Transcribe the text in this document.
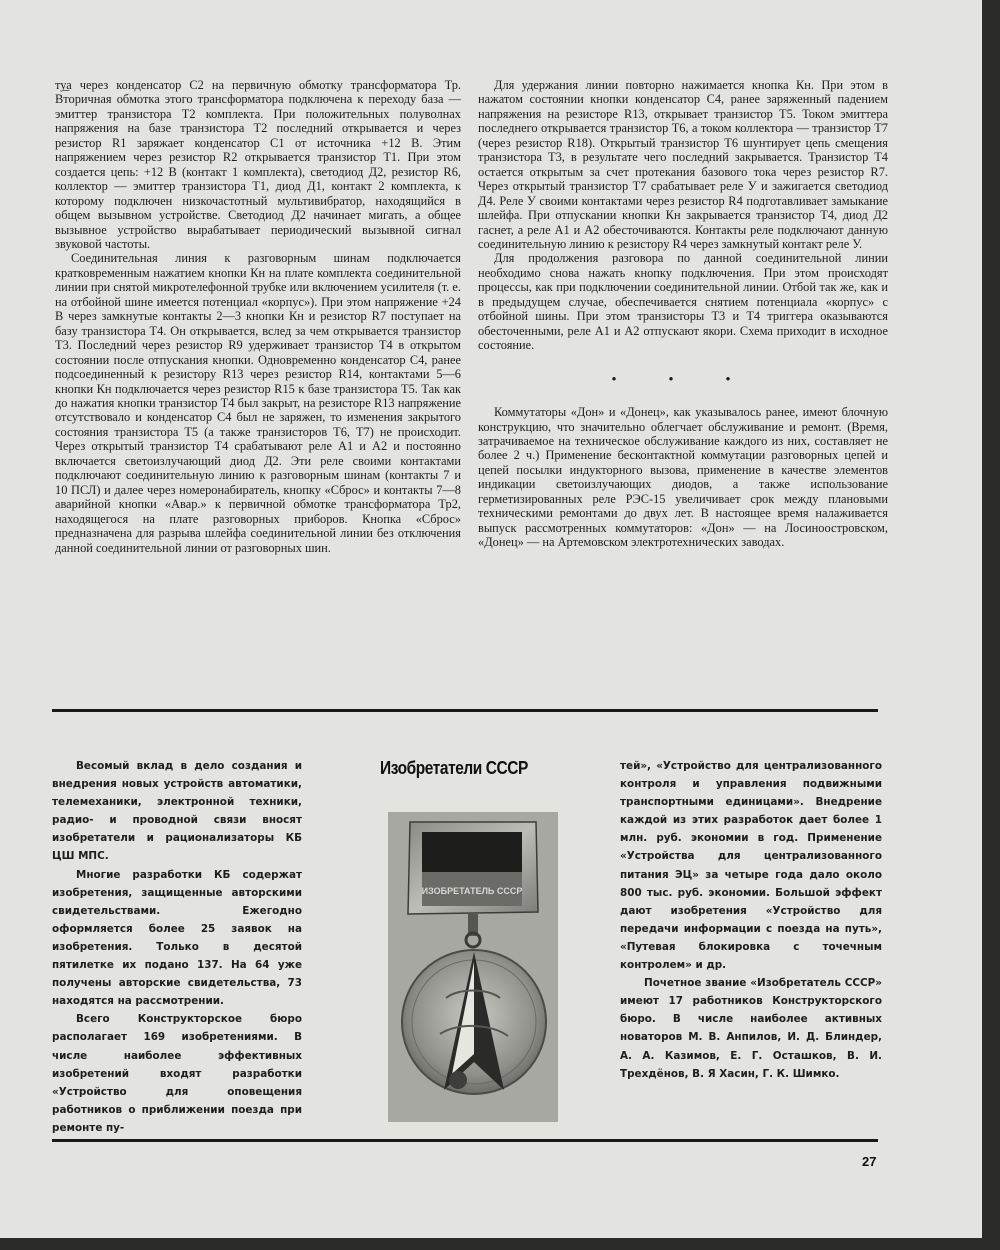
ту̲а через конденсатор С2 на первичную обмотку трансформатора Тр. Вторичная обмотка этого трансформатора подключена к переходу база — эмиттер транзистора Т2 комплекта. При положительных полуволнах напряжения на базе транзистора Т2 последний открывается и через резистор R1 заряжает конденсатор С1 от источника +12 В. Этим напряжением через резистор R2 открывается транзистор Т1. При этом создается цепь: +12 В (контакт 1 комплекта), светодиод Д2, резистор R6, коллектор — эмиттер транзистора Т1, диод Д1, контакт 2 комплекта, к которому подключен низкочастотный мультивибратор, находящийся в общем вызывном устройстве. Светодиод Д2 начинает мигать, а общее вызывное устройство вырабатывает периодический вызывной сигнал звуковой частоты.

Соединительная линия к разговорным шинам подключается кратковременным нажатием кнопки Кн на плате комплекта соединительной линии при снятой микротелефонной трубке или включением усилителя (т. е. на отбойной шине имеется потенциал «корпус»). При этом напряжение +24 В через замкнутые контакты 2—3 кнопки Кн и резистор R7 поступает на базу транзистора Т4. Он открывается, вслед за чем открывается транзистор Т3. Последний через резистор R9 удерживает транзистор Т4 в открытом состоянии после отпускания кнопки. Одновременно конденсатор С4, ранее подсоединенный к резистору R13 через резистор R14, контактами 5—6 кнопки Кн подключается через резистор R15 к базе транзистора Т5. Так как до нажатия кнопки транзистор Т4 был закрыт, на резисторе R13 напряжение отсутствовало и конденсатор С4 был не заряжен, то изменения закрытого состояния транзистора Т5 (а также транзисторов Т6, Т7) не происходит. Через открытый транзистор Т4 срабатывают реле А1 и А2 и постоянно включается светоизлучающий диод Д2. Эти реле своими контактами подключают соединительную линию к разговорным шинам (контакты 7 и 10 ПСЛ) и далее через номеронабиратель, кнопку «Сброс» и контакты 7—8 аварийной кнопки «Авар.» к первичной обмотке трансформатора Тр2, находящегося на плате разговорных приборов. Кнопка «Сброс» предназначена для разрыва шлейфа соединительной линии без отключения данной соединительной линии от разговорных шин.

Для удержания линии повторно нажимается кнопка Кн. При этом в нажатом состоянии кнопки конденсатор С4, ранее заряженный падением напряжения на резисторе R13, открывает транзистор Т5. Током эмиттера последнего открывается транзистор Т6, а током коллектора — транзистор Т7 (через резистор R18). Открытый транзистор Т6 шунтирует цепь смещения транзистора Т3, в результате чего последний закрывается. Транзистор Т4 остается открытым за счет протекания базового тока через резистор R7. Через открытый транзистор Т7 срабатывает реле У и зажигается светодиод Д4. Реле У своими контактами через резистор R4 подготавливает замыкание шлейфа. При отпускании кнопки Кн закрывается транзистор Т4, диод Д2 гаснет, а реле А1 и А2 обесточиваются. Контакты реле подключают данную соединительную линию к резистору R4 через замкнутый контакт реле У.

Для продолжения разговора по данной соединительной линии необходимо снова нажать кнопку подключения. При этом происходят процессы, как при подключении соединительной линии. Отбой так же, как и в предыдущем случае, обеспечивается снятием потенциала «корпус» с отбойной шины. При этом транзисторы Т3 и Т4 триггера оказываются обесточенными, реле А1 и А2 отпускают якори. Схема приходит в исходное состояние.

• • •

Коммутаторы «Дон» и «Донец», как указывалось ранее, имеют блочную конструкцию, что значительно облегчает обслуживание и ремонт. (Время, затрачиваемое на техническое обслуживание каждого из них, составляет не более 2 ч.) Применение бесконтактной коммутации разговорных цепей и цепей посылки индукторного вызова, применение в качестве элементов индикации светоизлучающих диодов, а также использование герметизированных реле РЭС-15 увеличивает срок между плановыми техническими ремонтами до двух лет. В настоящее время налаживается выпуск рассмотренных коммутаторов: «Дон» — на Лосиноостровском, «Донец» — на Артемовском электротехнических заводах.

Весомый вклад в дело создания и внедрения новых устройств автоматики, телемеханики, электронной техники, радио- и проводной связи вносят изобретатели и рационализаторы КБ ЦШ МПС.

Многие разработки КБ содержат изобретения, защищенные авторскими свидетельствами. Ежегодно оформляется более 25 заявок на изобретения. Только в десятой пятилетке их подано 137. На 64 уже получены авторские свидетельства, 73 находятся на рассмотрении.

Всего Конструкторское бюро располагает 169 изобретениями. В числе наиболее эффективных изобретений входят разработки «Устройство для оповещения работников о приближении поезда при ремонте пу-

Изобретатели СССР
ИЗОБРЕТАТЕЛЬ СССР

тей», «Устройство для централизованного контроля и управления подвижными транспортными единицами». Внедрение каждой из этих разработок дает более 1 млн. руб. экономии в год. Применение «Устройства для централизованного питания ЭЦ» за четыре года дало около 800 тыс. руб. экономии. Большой эффект дают изобретения «Устройство для передачи информации с поезда на путь», «Путевая блокировка с точечным контролем» и др.

Почетное звание «Изобретатель СССР» имеют 17 работников Конструкторского бюро. В числе наиболее активных новаторов М. В. Анпилов, И. Д. Блиндер, А. А. Казимов, Е. Г. Осташков, В. И. Трехдёнов, В. Я Хасин, Г. К. Шимко.

27
